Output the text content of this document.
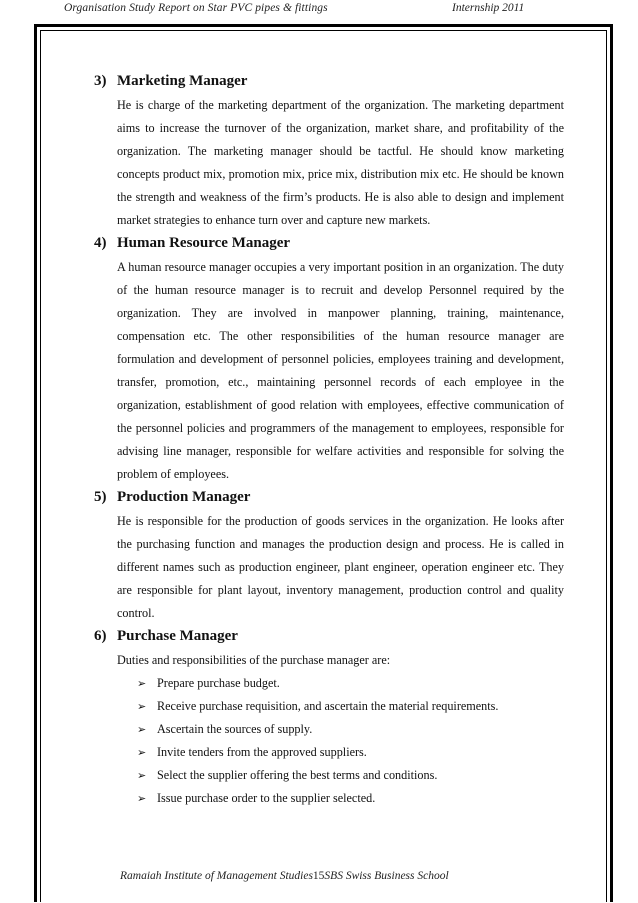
Organisation Study Report on Star PVC pipes & fittings	Internship 2011
3) Marketing Manager

He is charge of the marketing department of the organization. The marketing department aims to increase the turnover of the organization, market share, and profitability of the organization. The marketing manager should be tactful. He should know marketing concepts product mix, promotion mix, price mix, distribution mix etc. He should be known the strength and weakness of the firm’s products. He is also able to design and implement market strategies to enhance turn over and capture new markets.

4) Human Resource Manager

A human resource manager occupies a very important position in an organization. The duty of the human resource manager is to recruit and develop Personnel required by the organization. They are involved in manpower planning, training, maintenance, compensation etc. The other responsibilities of the human resource manager are formulation and development of personnel policies, employees training and development, transfer, promotion, etc., maintaining personnel records of each employee in the organization, establishment of good relation with employees, effective communication of the personnel policies and programmers of the management to employees, responsible for advising line manager, responsible for welfare activities and responsible for solving the problem of employees.

5) Production Manager

He is responsible for the production of goods services in the organization. He looks after the purchasing function and manages the production design and process. He is called in different names such as production engineer, plant engineer, operation engineer etc. They are responsible for plant layout, inventory management, production control and quality control.

6) Purchase Manager

Duties and responsibilities of the purchase manager are:

➢ Prepare purchase budget.
➢ Receive purchase requisition, and ascertain the material requirements.
➢ Ascertain the sources of supply.
➢ Invite tenders from the approved suppliers.
➢ Select the supplier offering the best terms and conditions.
➢ Issue purchase order to the supplier selected.
Ramaiah Institute of Management Studies15SBS Swiss Business School
